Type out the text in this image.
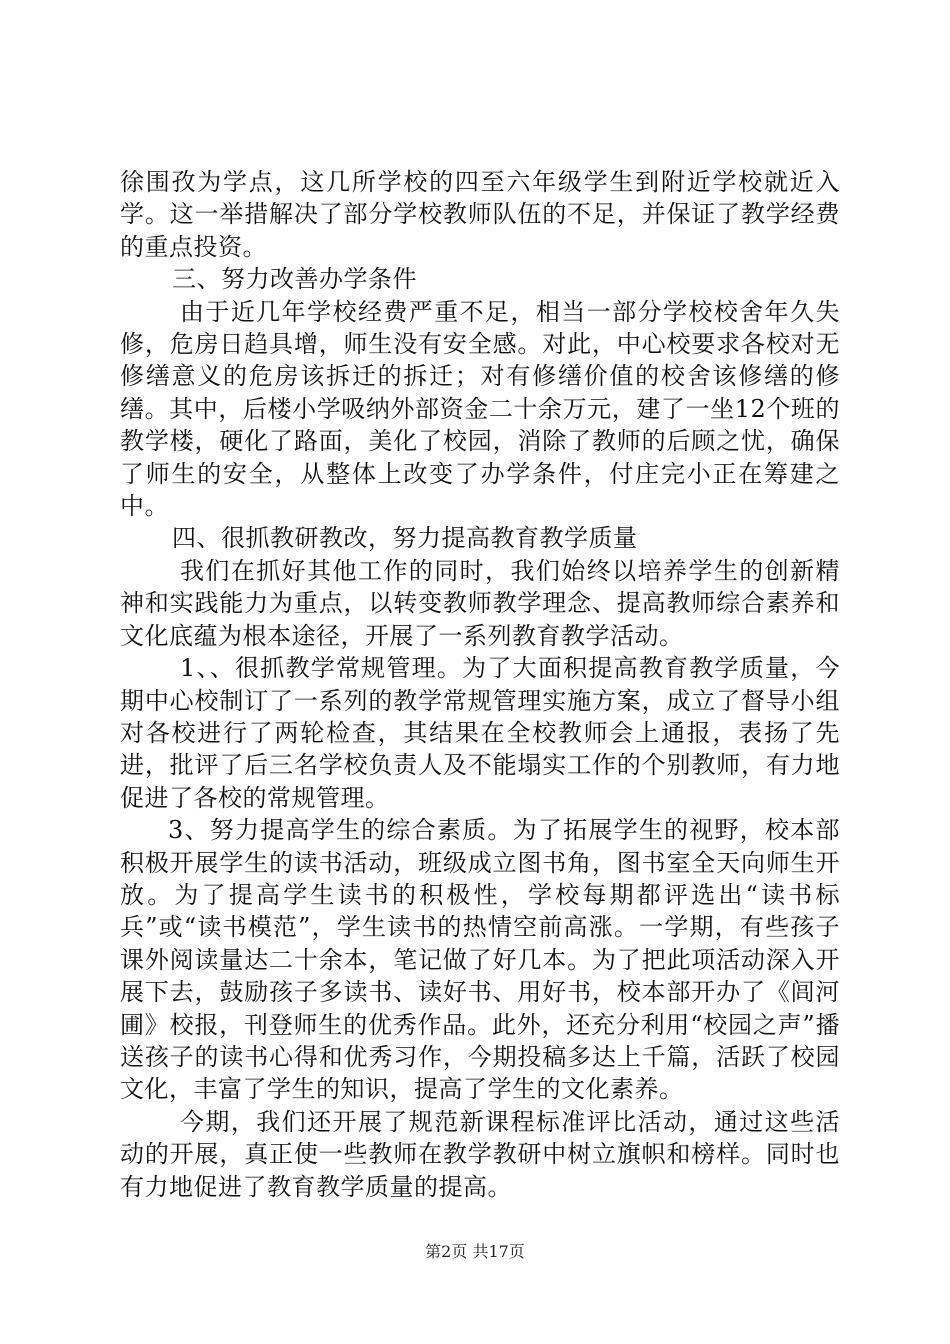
徐围孜为学点，这几所学校的四至六年级学生到附近学校就近入学。这一举措解决了部分学校教师队伍的不足，并保证了教学经费的重点投资。

三、努力改善办学条件

由于近几年学校经费严重不足，相当一部分学校校舍年久失修，危房日趋具增，师生没有安全感。对此，中心校要求各校对无修缮意义的危房该拆迁的拆迁；对有修缮价值的校舍该修缮的修缮。其中，后楼小学吸纳外部资金二十余万元，建了一坐12个班的教学楼，硬化了路面，美化了校园，消除了教师的后顾之忧，确保了师生的安全，从整体上改变了办学条件，付庄完小正在筹建之中。

四、很抓教研教改，努力提高教育教学质量

我们在抓好其他工作的同时，我们始终以培养学生的创新精神和实践能力为重点，以转变教师教学理念、提高教师综合素养和文化底蕴为根本途径，开展了一系列教育教学活动。

1、、很抓教学常规管理。为了大面积提高教育教学质量，今期中心校制订了一系列的教学常规管理实施方案，成立了督导小组对各校进行了两轮检查，其结果在全校教师会上通报，表扬了先进，批评了后三名学校负责人及不能塌实工作的个别教师，有力地促进了各校的常规管理。

3、努力提高学生的综合素质。为了拓展学生的视野，校本部积极开展学生的读书活动，班级成立图书角，图书室全天向师生开放。为了提高学生读书的积极性，学校每期都评选出“读书标兵”或“读书模范”，学生读书的热情空前高涨。一学期，有些孩子课外阅读量达二十余本，笔记做了好几本。为了把此项活动深入开展下去，鼓励孩子多读书、读好书、用好书，校本部开办了《闾河圃》校报，刊登师生的优秀作品。此外，还充分利用“校园之声”播送孩子的读书心得和优秀习作，今期投稿多达上千篇，活跃了校园文化，丰富了学生的知识，提高了学生的文化素养。

今期，我们还开展了规范新课程标准评比活动，通过这些活动的开展，真正使一些教师在教学教研中树立旗帜和榜样。同时也有力地促进了教育教学质量的提高。

第2页 共17页
